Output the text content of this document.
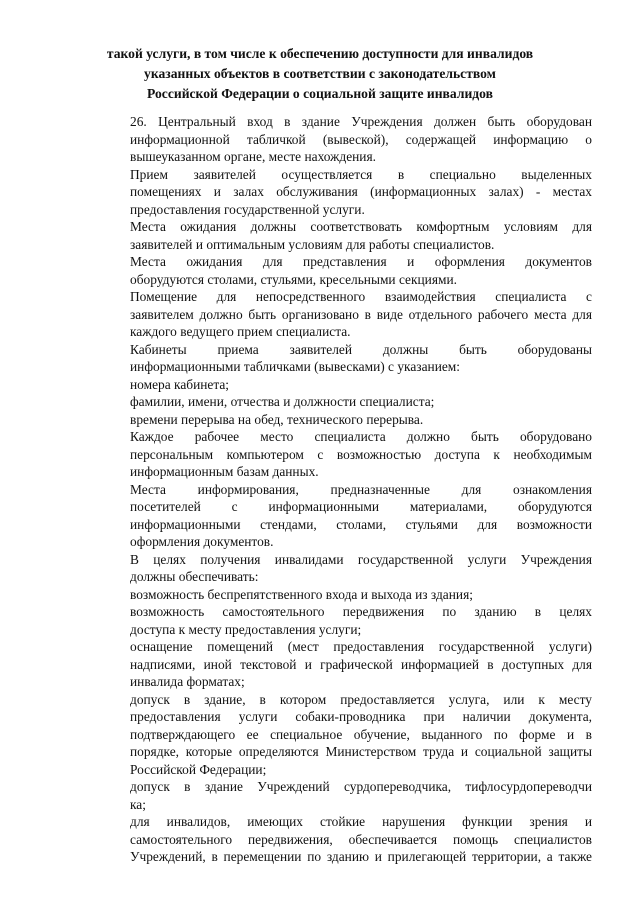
такой услуги, в том числе к обеспечению доступности для инвалидов
указанных объектов в соответствии с законодательством
Российской Федерации о социальной защите инвалидов

26. Центральный вход в здание Учреждения должен быть оборудован
информационной табличкой (вывеской), содержащей информацию о
вышеуказанном органе, месте нахождения.

Прием заявителей осуществляется в специально выделенных
помещениях и залах обслуживания (информационных залах) - местах
предоставления государственной услуги.

Места ожидания должны соответствовать комфортным условиям для
заявителей и оптимальным условиям для работы специалистов.

Места ожидания для представления и оформления документов
оборудуются столами, стульями, кресельными секциями.

Помещение для непосредственного взаимодействия специалиста с
заявителем должно быть организовано в виде отдельного рабочего места для
каждого ведущего прием специалиста.

Кабинеты приема заявителей должны быть оборудованы
информационными табличками (вывесками) с указанием:

номера кабинета;

фамилии, имени, отчества и должности специалиста;

времени перерыва на обед, технического перерыва.

Каждое рабочее место специалиста должно быть оборудовано
персональным компьютером с возможностью доступа к необходимым
информационным базам данных.

Места информирования, предназначенные для ознакомления
посетителей с информационными материалами, оборудуются
информационными стендами, столами, стульями для возможности
оформления документов.

В целях получения инвалидами государственной услуги Учреждения
должны обеспечивать:

возможность беспрепятственного входа и выхода из здания;

возможность самостоятельного передвижения по зданию в целях
доступа к месту предоставления услуги;

оснащение помещений (мест предоставления государственной услуги)
надписями, иной текстовой и графической информацией в доступных для
инвалида форматах;

допуск в здание, в котором предоставляется услуга, или к месту
предоставления услуги собаки-проводника при наличии документа,
подтверждающего ее специальное обучение, выданного по форме и в
порядке, которые определяются Министерством труда и социальной защиты
Российской Федерации;

допуск в здание Учреждений сурдопереводчика, тифлосурдопереводчи
ка;

для инвалидов, имеющих стойкие нарушения функции зрения и
самостоятельного передвижения, обеспечивается помощь специалистов
Учреждений, в перемещении по зданию и прилегающей территории, а также
